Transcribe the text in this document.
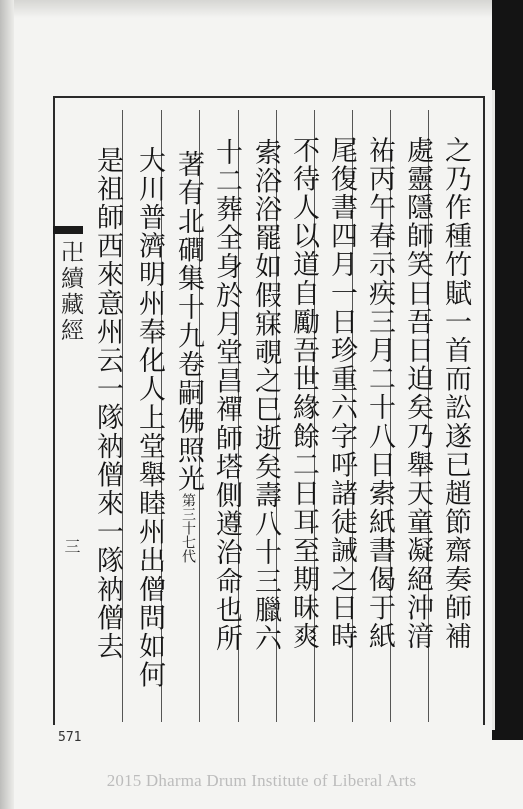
卍續藏經
三	之乃作種竹賦一首而訟遂已趙節齋奏師補
處靈隱師笑日吾日迫矣乃舉天童凝絕沖湇
祐丙午春示疾三月二十八日索紙書偈于紙
尾復書四月一日珍重六字呼諸徒誡之日時
不待人以道自勵吾世緣餘二日耳至期昧爽
索浴浴罷如假寐覗之巳逝矣壽八十三臘六
十二葬全身於月堂昌禪師塔側遵治命也所
著有北磵集十九卷嗣佛照光第三十七代
大川普濟明州奉化人上堂舉睦州出僧問如何
是祖師西來意州云一隊衲僧來一隊衲僧去
571
2015 Dharma Drum Institute of Liberal Arts
